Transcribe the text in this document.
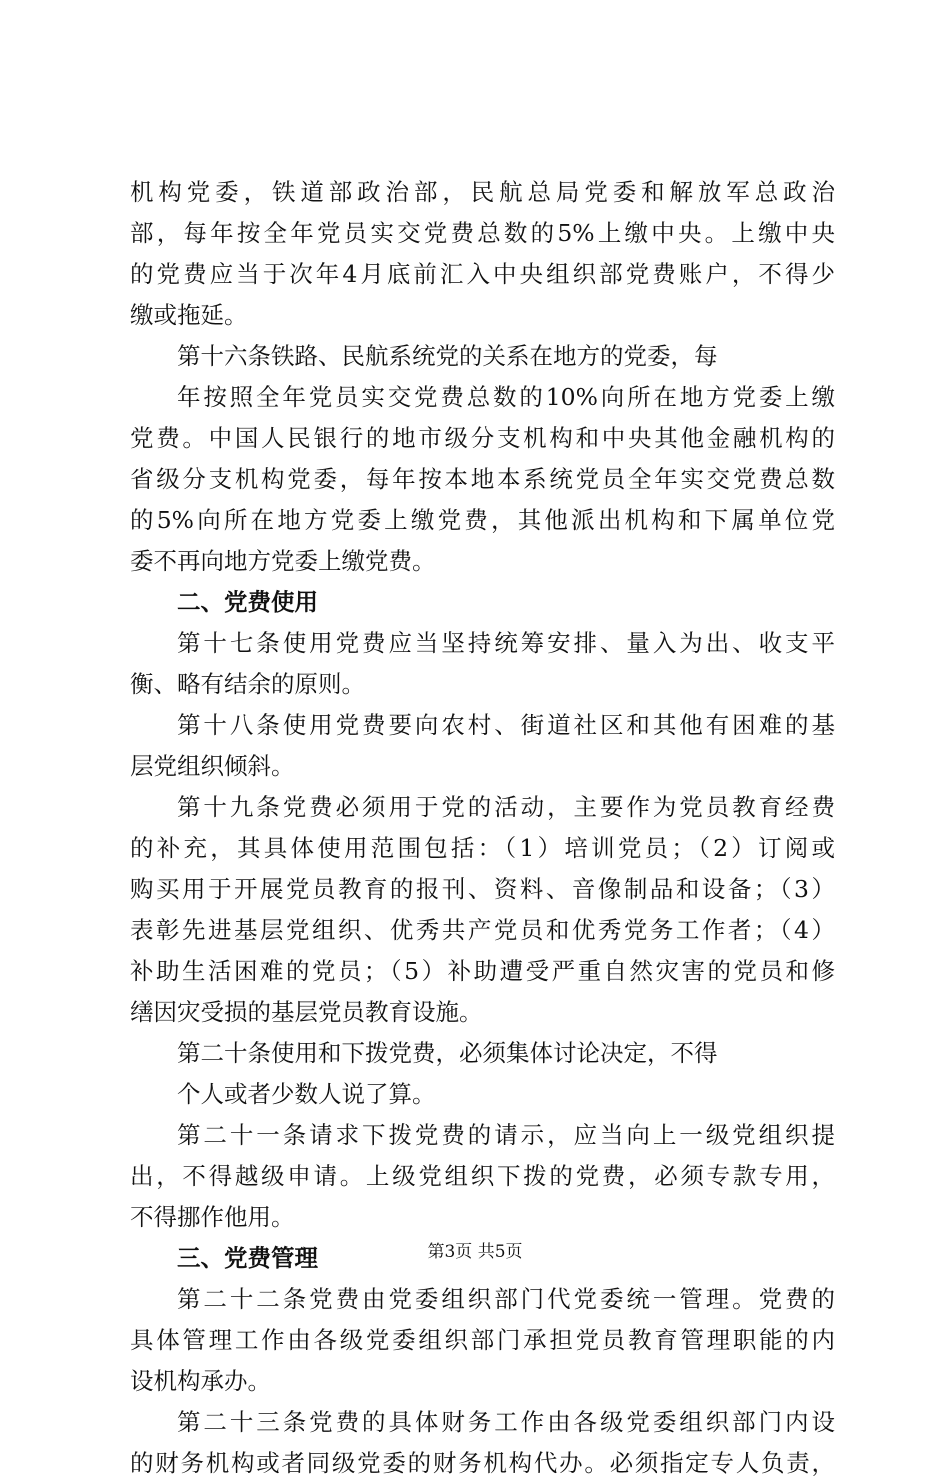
机构党委，铁道部政治部，民航总局党委和解放军总政治
部，每年按全年党员实交党费总数的5%上缴中央。上缴中央
的党费应当于次年4月底前汇入中央组织部党费账户，不得少
缴或拖延。
第十六条铁路、民航系统党的关系在地方的党委，每
年按照全年党员实交党费总数的10%向所在地方党委上缴
党费。中国人民银行的地市级分支机构和中央其他金融机构的
省级分支机构党委，每年按本地本系统党员全年实交党费总数
的5%向所在地方党委上缴党费，其他派出机构和下属单位党
委不再向地方党委上缴党费。
二、党费使用
第十七条使用党费应当坚持统筹安排、量入为出、收支平
衡、略有结余的原则。
第十八条使用党费要向农村、街道社区和其他有困难的基
层党组织倾斜。
第十九条党费必须用于党的活动，主要作为党员教育经费
的补充，其具体使用范围包括：（1）培训党员；（2）订阅或
购买用于开展党员教育的报刊、资料、音像制品和设备；（3）
表彰先进基层党组织、优秀共产党员和优秀党务工作者；（4）
补助生活困难的党员；（5）补助遭受严重自然灾害的党员和修
缮因灾受损的基层党员教育设施。
第二十条使用和下拨党费，必须集体讨论决定，不得
个人或者少数人说了算。
第二十一条请求下拨党费的请示，应当向上一级党组织提
出，不得越级申请。上级党组织下拨的党费，必须专款专用，
不得挪作他用。
三、党费管理
第二十二条党费由党委组织部门代党委统一管理。党费的
具体管理工作由各级党委组织部门承担党员教育管理职能的内
设机构承办。
第二十三条党费的具体财务工作由各级党委组织部门内设
的财务机构或者同级党委的财务机构代办。必须指定专人负责，
第3页 共5页
